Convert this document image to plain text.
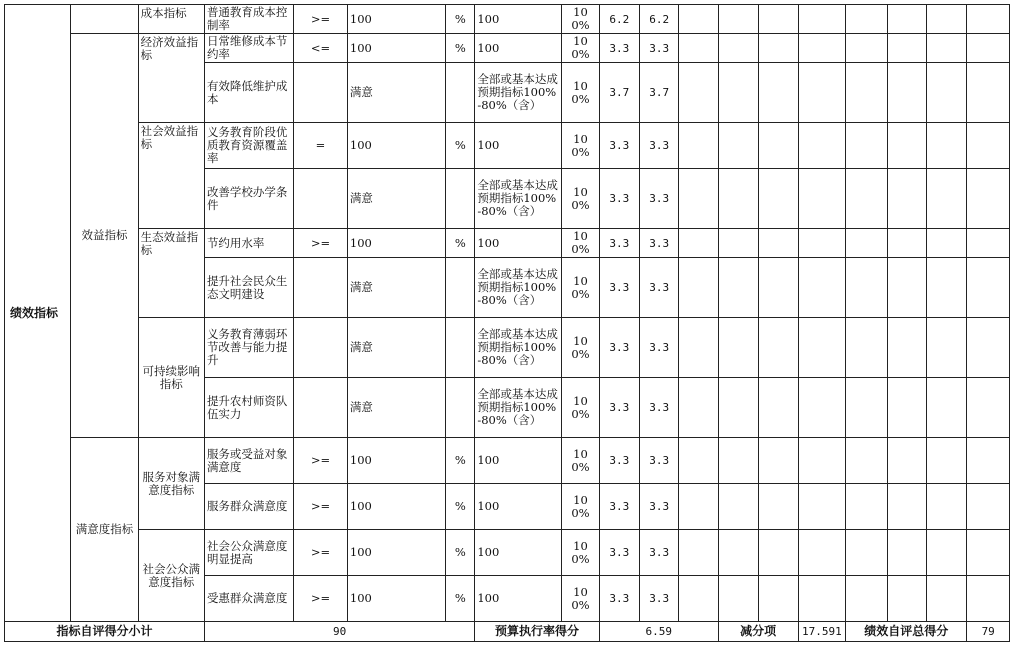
绩效指标		成本指标	普通教育成本控制率	>=	100	%	100	100%	6.2	6.2								
	效益指标	经济效益指标	日常维修成本节约率	<=	100	%	100	100%	3.3	3.3								
			有效降低维护成本		满意		全部或基本达成预期指标100%-80%（含）	100%	3.7	3.7								
		社会效益指标	义务教育阶段优质教育资源覆盖率	=	100	%	100	100%	3.3	3.3								
			改善学校办学条件		满意		全部或基本达成预期指标100%-80%（含）	100%	3.3	3.3								
		生态效益指标	节约用水率	>=	100	%	100	100%	3.3	3.3								
			提升社会民众生态文明建设		满意		全部或基本达成预期指标100%-80%（含）	100%	3.3	3.3								
		可持续影响指标	义务教育薄弱环节改善与能力提升		满意		全部或基本达成预期指标100%-80%（含）	100%	3.3	3.3								
			提升农村师资队伍实力		满意		全部或基本达成预期指标100%-80%（含）	100%	3.3	3.3								
	满意度指标	服务对象满意度指标	服务或受益对象满意度	>=	100	%	100	100%	3.3	3.3								
			服务群众满意度	>=	100	%	100	100%	3.3	3.3								
		社会公众满意度指标	社会公众满意度明显提高	>=	100	%	100	100%	3.3	3.3								
			受惠群众满意度	>=	100	%	100	100%	3.3	3.3								
指标自评得分小计			90				预算执行率得分		6.59			减分项		17.591	绩效自评总得分			79
